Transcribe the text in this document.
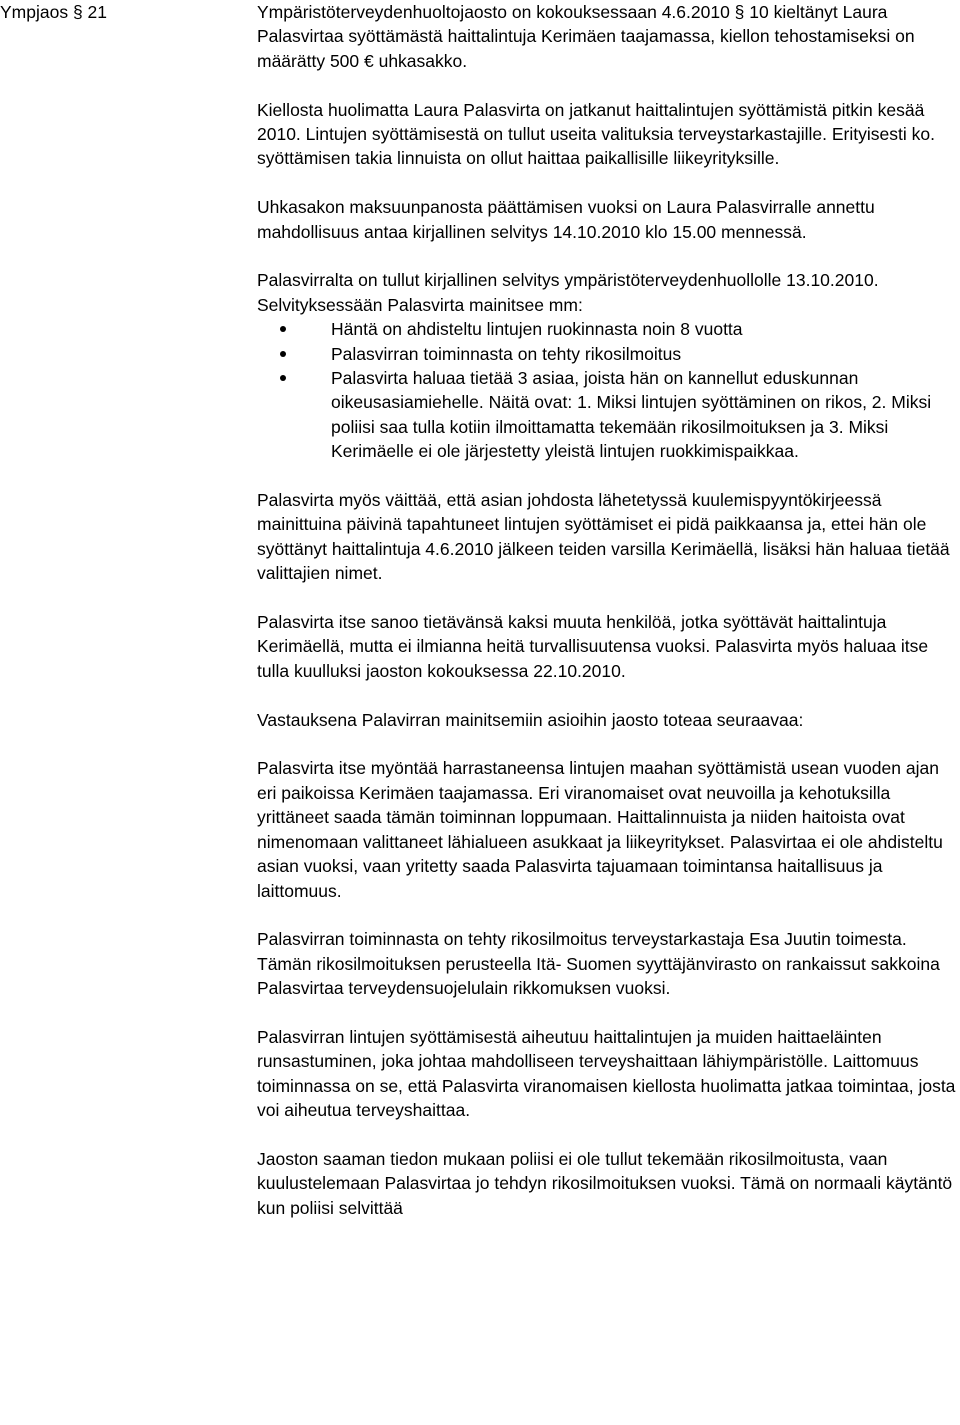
Ympjaos § 21	Ympäristöterveydenhuoltojaosto on kokouksessaan 4.6.2010 § 10 kieltänyt Laura Palasvirtaa syöttämästä haittalintuja Kerimäen taajamassa, kiellon tehostamiseksi on määrätty 500 € uhkasakko.

Kiellosta huolimatta Laura Palasvirta on jatkanut haittalintujen syöttämistä pitkin kesää 2010. Lintujen syöttämisestä on tullut useita valituksia terveystarkastajille. Erityisesti ko. syöttämisen takia linnuista on ollut haittaa paikallisille liikeyrityksille.

Uhkasakon maksuunpanosta päättämisen vuoksi on Laura Palasvirralle annettu mahdollisuus antaa kirjallinen selvitys 14.10.2010 klo 15.00 mennessä.

Palasvirralta on tullut kirjallinen selvitys ympäristöterveydenhuollolle 13.10.2010. Selvityksessään Palasvirta mainitsee mm:

Häntä on ahdisteltu lintujen ruokinnasta noin 8 vuotta
Palasvirran toiminnasta on tehty rikosilmoitus
Palasvirta haluaa tietää 3 asiaa, joista hän on kannellut eduskunnan oikeusasiamiehelle. Näitä ovat: 1. Miksi lintujen syöttäminen on rikos, 2. Miksi poliisi saa tulla kotiin ilmoittamatta tekemään rikosilmoituksen ja 3. Miksi Kerimäelle ei ole järjestetty yleistä lintujen ruokkimispaikkaa.

Palasvirta myös väittää, että asian johdosta lähetetyssä kuulemispyyntökirjeessä mainittuina päivinä tapahtuneet lintujen syöttämiset ei pidä paikkaansa ja, ettei hän ole syöttänyt haittalintuja 4.6.2010 jälkeen teiden varsilla Kerimäellä, lisäksi hän haluaa tietää valittajien nimet.

Palasvirta itse sanoo tietävänsä kaksi muuta henkilöä, jotka syöttävät haittalintuja Kerimäellä, mutta ei ilmianna heitä turvallisuutensa vuoksi. Palasvirta myös haluaa itse tulla kuulluksi jaoston kokouksessa 22.10.2010.

Vastauksena Palavirran mainitsemiin asioihin jaosto toteaa seuraavaa:

Palasvirta itse myöntää harrastaneensa lintujen maahan syöttämistä usean vuoden ajan eri paikoissa Kerimäen taajamassa. Eri viranomaiset ovat neuvoilla ja kehotuksilla yrittäneet saada tämän toiminnan loppumaan. Haittalinnuista ja niiden haitoista ovat nimenomaan valittaneet lähialueen asukkaat ja liikeyritykset. Palasvirtaa ei ole ahdisteltu asian vuoksi, vaan yritetty saada Palasvirta tajuamaan toimintansa haitallisuus ja laittomuus.

Palasvirran toiminnasta on tehty rikosilmoitus terveystarkastaja Esa Juutin toimesta. Tämän rikosilmoituksen perusteella Itä- Suomen syyttäjänvirasto on rankaissut sakkoina Palasvirtaa terveydensuojelulain rikkomuksen vuoksi.

Palasvirran lintujen syöttämisestä aiheutuu haittalintujen ja muiden haittaeläinten runsastuminen, joka johtaa mahdolliseen terveyshaittaan lähiympäristölle. Laittomuus toiminnassa on se, että Palasvirta viranomaisen kiellosta huolimatta jatkaa toimintaa, josta voi aiheutua terveyshaittaa.

Jaoston saaman tiedon mukaan poliisi ei ole tullut tekemään rikosilmoitusta, vaan kuulustelemaan Palasvirtaa jo tehdyn rikosilmoituksen vuoksi. Tämä on normaali käytäntö kun poliisi selvittää
